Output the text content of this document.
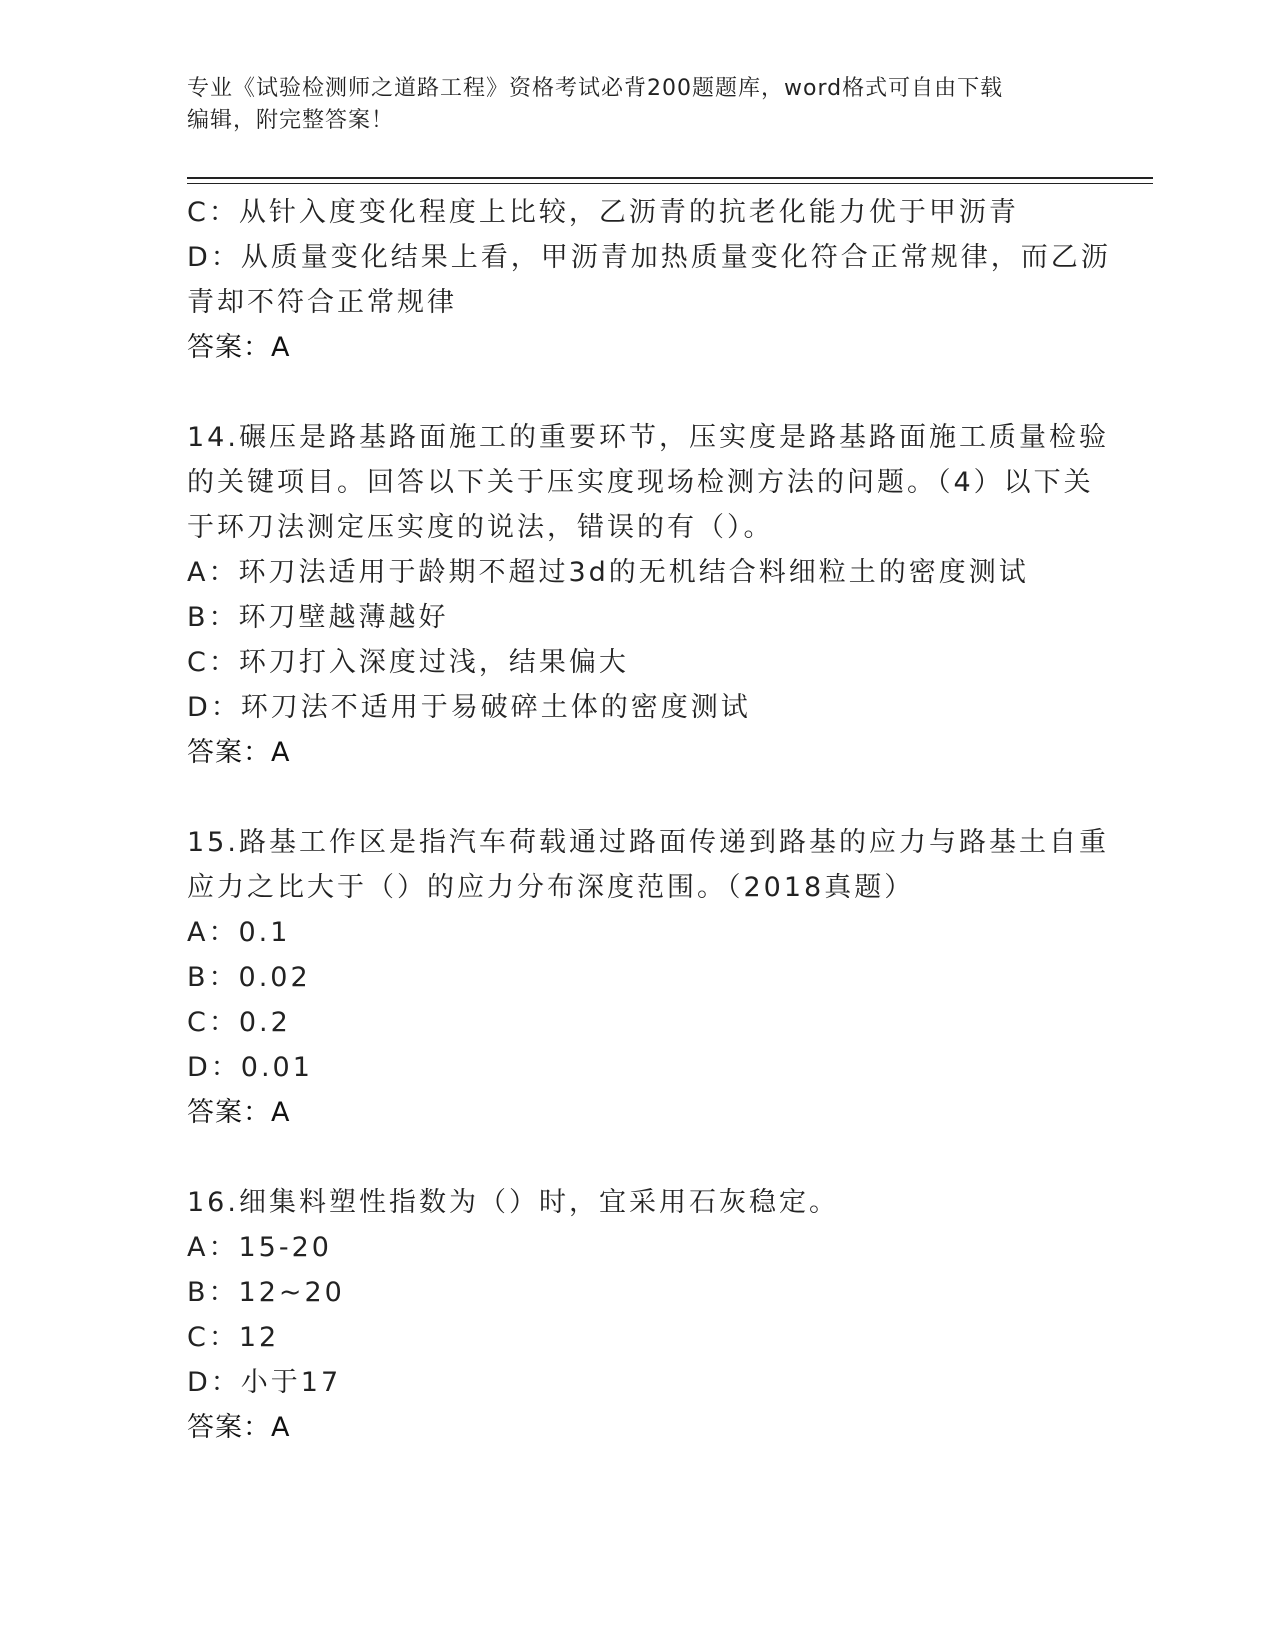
专业《试验检测师之道路工程》资格考试必背200题题库，word格式可自由下载
编辑，附完整答案！
C：从针入度变化程度上比较，乙沥青的抗老化能力优于甲沥青
D：从质量变化结果上看，甲沥青加热质量变化符合正常规律，而乙沥
青却不符合正常规律
答案：A
14.碾压是路基路面施工的重要环节，压实度是路基路面施工质量检验
的关键项目。回答以下关于压实度现场检测方法的问题。（4）以下关
于环刀法测定压实度的说法，错误的有（）。
A：环刀法适用于龄期不超过3d的无机结合料细粒土的密度测试
B：环刀壁越薄越好
C：环刀打入深度过浅，结果偏大
D：环刀法不适用于易破碎土体的密度测试
答案：A
15.路基工作区是指汽车荷载通过路面传递到路基的应力与路基土自重
应力之比大于（）的应力分布深度范围。（2018真题）
A：0.1
B：0.02
C：0.2
D：0.01
答案：A
16.细集料塑性指数为（）时，宜采用石灰稳定。
A：15-20
B：12~20
C：12
D：小于17
答案：A
